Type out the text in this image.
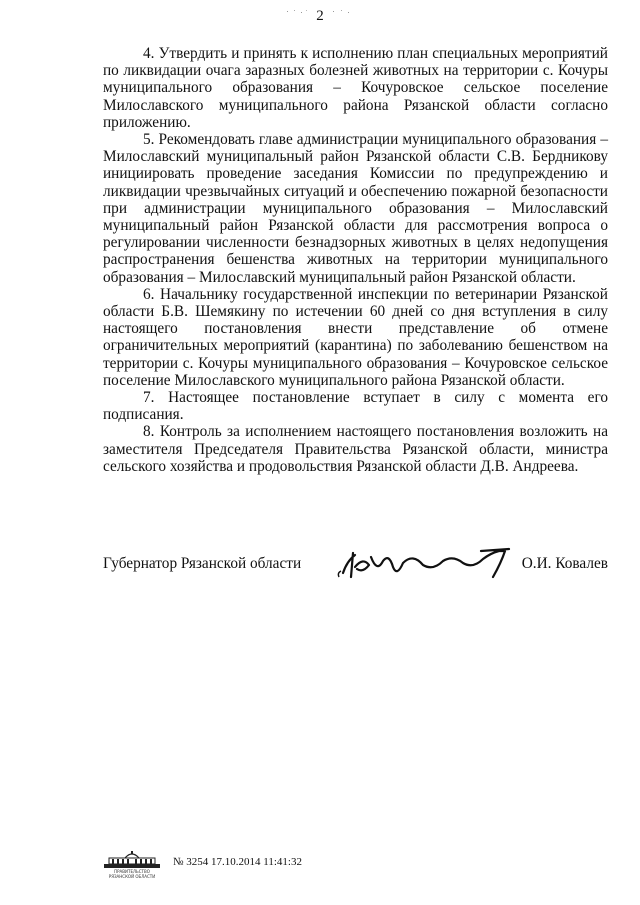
2

4. Утвердить и принять к исполнению план специальных мероприятий по ликвидации очага заразных болезней животных на территории с. Кочуры муниципального образования – Кочуровское сельское поселение Милославского муниципального района Рязанской области согласно приложению.

5. Рекомендовать главе администрации муниципального образования – Милославский муниципальный район Рязанской области С.В. Бердникову инициировать проведение заседания Комиссии по предупреждению и ликвидации чрезвычайных ситуаций и обеспечению пожарной безопасности при администрации муниципального образования – Милославский муниципальный район Рязанской области для рассмотрения вопроса о регулировании численности безнадзорных животных в целях недопущения распространения бешенства животных на территории муниципального образования – Милославский муниципальный район Рязанской области.

6. Начальнику государственной инспекции по ветеринарии Рязанской области Б.В. Шемякину по истечении 60 дней со дня вступления в силу настоящего постановления внести представление об отмене ограничительных мероприятий (карантина) по заболеванию бешенством на территории с. Кочуры муниципального образования – Кочуровское сельское поселение Милославского муниципального района Рязанской области.

7. Настоящее постановление вступает в силу с момента его подписания.

8. Контроль за исполнением настоящего постановления возложить на заместителя Председателя Правительства Рязанской области, министра сельского хозяйства и продовольствия Рязанской области Д.В. Андреева.

Губернатор Рязанской области	О.И. Ковалев
ПРАВИТЕЛЬСТВО РЯЗАНСКОЙ ОБЛАСТИ
№ 3254 17.10.2014 11:41:32
